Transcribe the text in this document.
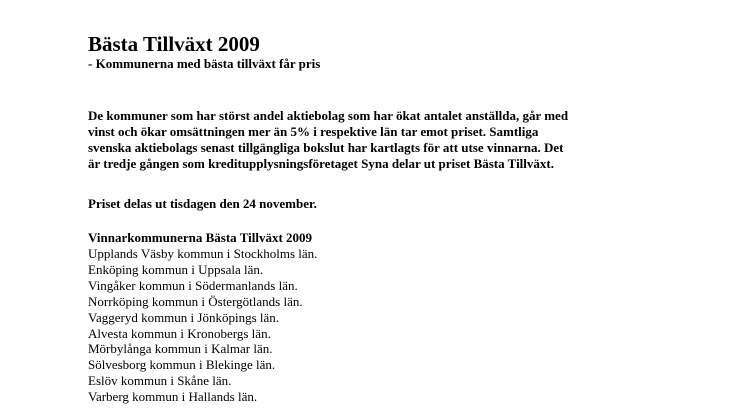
Bästa Tillväxt 2009

- Kommunerna med bästa tillväxt får pris

De kommuner som har störst andel aktiebolag som har ökat antalet anställda, går med
vinst och ökar omsättningen mer än 5% i respektive län tar emot priset. Samtliga
svenska aktiebolags senast tillgängliga bokslut har kartlagts för att utse vinnarna. Det
är tredje gången som kreditupplysningsföretaget Syna delar ut priset Bästa Tillväxt.

Priset delas ut tisdagen den 24 november.
Vinnarkommunerna Bästa Tillväxt 2009
Upplands Väsby kommun i Stockholms län.
Enköping kommun i Uppsala län.
Vingåker kommun i Södermanlands län.
Norrköping kommun i Östergötlands län.
Vaggeryd kommun i Jönköpings län.
Alvesta kommun i Kronobergs län.
Mörbylånga kommun i Kalmar län.
Sölvesborg kommun i Blekinge län.
Eslöv kommun i Skåne län.
Varberg kommun i Hallands län.
